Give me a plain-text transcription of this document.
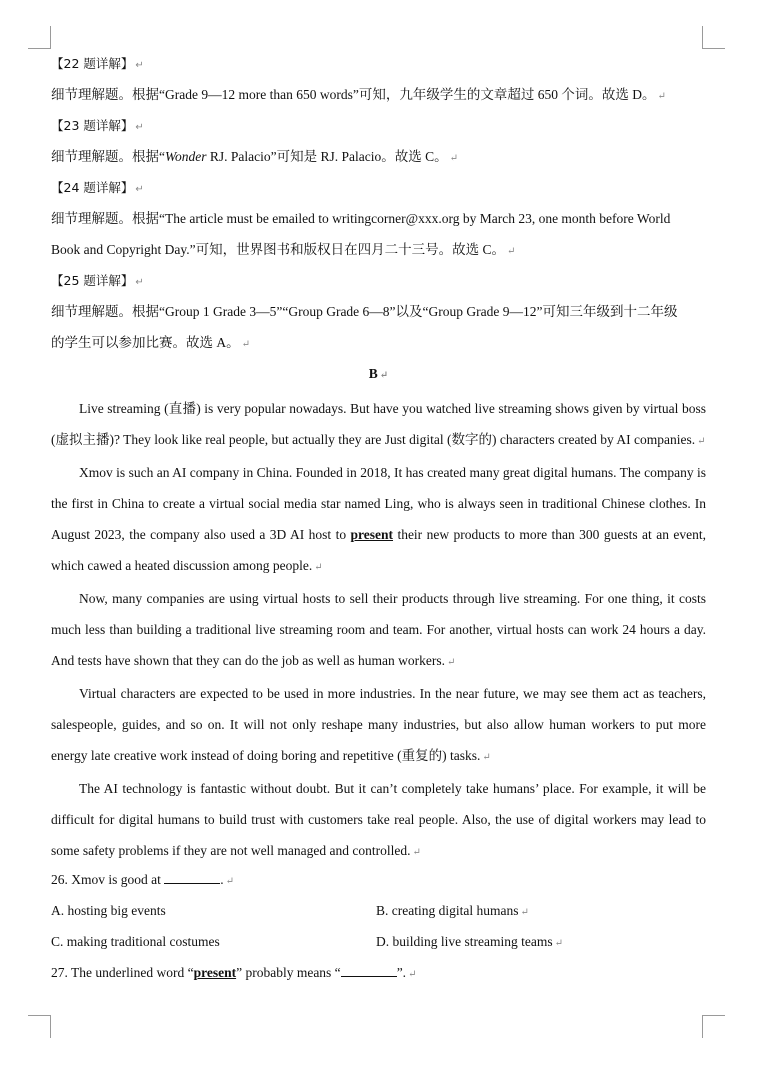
【22 题详解】 ↵
细节理解题。根据“Grade 9—12 more than 650 words”可知，九年级学生的文章超过 650 个词。故选 D。 ↵
【23 题详解】 ↵
细节理解题。根据“Wonder RJ. Palacio”可知是 RJ. Palacio。故选 C。 ↵
【24 题详解】 ↵
细节理解题。根据“The article must be emailed to writingcorner@xxx.org by March 23, one month before World
Book and Copyright Day.”可知，世界图书和版权日在四月二十三号。故选 C。 ↵
【25 题详解】 ↵
细节理解题。根据“Group 1 Grade 3—5”“Group Grade 6—8”以及“Group Grade 9—12”可知三年级到十二年级
的学生可以参加比赛。故选 A。 ↵
B ↵
Live streaming (直播) is very popular nowadays. But have you watched live streaming shows given by virtual boss (虚拟主播)? They look like real people, but actually they are Just digital (数字的) characters created by AI companies. ↵
Xmov is such an AI company in China. Founded in 2018, It has created many great digital humans. The company is the first in China to create a virtual social media star named Ling, who is always seen in traditional Chinese clothes. In August 2023, the company also used a 3D AI host to present their new products to more than 300 guests at an event, which cawed a heated discussion among people. ↵
Now, many companies are using virtual hosts to sell their products through live streaming. For one thing, it costs much less than building a traditional live streaming room and team. For another, virtual hosts can work 24 hours a day. And tests have shown that they can do the job as well as human workers. ↵
Virtual characters are expected to be used in more industries. In the near future, we may see them act as teachers, salespeople, guides, and so on. It will not only reshape many industries, but also allow human workers to put more energy late creative work instead of doing boring and repetitive (重复的) tasks. ↵
The AI technology is fantastic without doubt. But it can’t completely take humans’ place. For example, it will be difficult for digital humans to build trust with customers take real people. Also, the use of digital workers may lead to some safety problems if they are not well managed and controlled. ↵
26. Xmov is good at	. ↵
A. hosting big events	B. creating digital humans ↵
C. making traditional costumes	D. building live streaming teams ↵
27. The underlined word “present” probably means “	”. ↵
